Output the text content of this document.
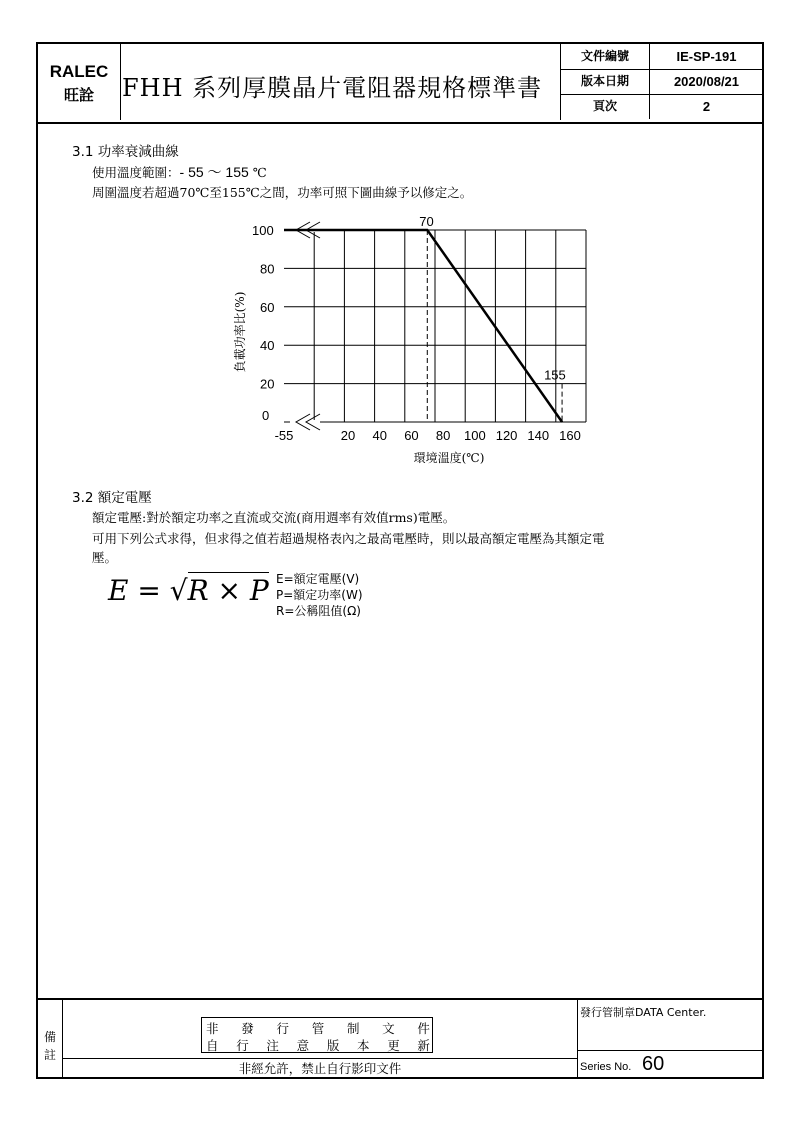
RALEC
旺詮	FHH 系列厚膜晶片電阻器規格標準書
文件編號	IE-SP-191
版本日期	2020/08/21
頁次	2
3.1 功率衰減曲線
使用溫度範圍：- 55 ～ 155 ℃
周圍溫度若超過70℃至155℃之間，功率可照下圖曲線予以修定之。
70
155
0
20
40
60
80
100
-55	20 40 60 80 100 120 140 160
環境溫度(℃)
負載功率比(%)
3.2 額定電壓
額定電壓:對於額定功率之直流或交流(商用週率有效值rms)電壓。
可用下列公式求得，但求得之值若超過規格表內之最高電壓時，則以最高額定電壓為其額定電
壓。
E = √R × P E=額定電壓(V)
P=額定功率(W)
R=公稱阻值(Ω)
備
註
非 發 行 管 制 文 件
自 行 注 意 版 本 更 新
非經允許，禁止自行影印文件
發行管制章DATA Center.
Series No. 60
